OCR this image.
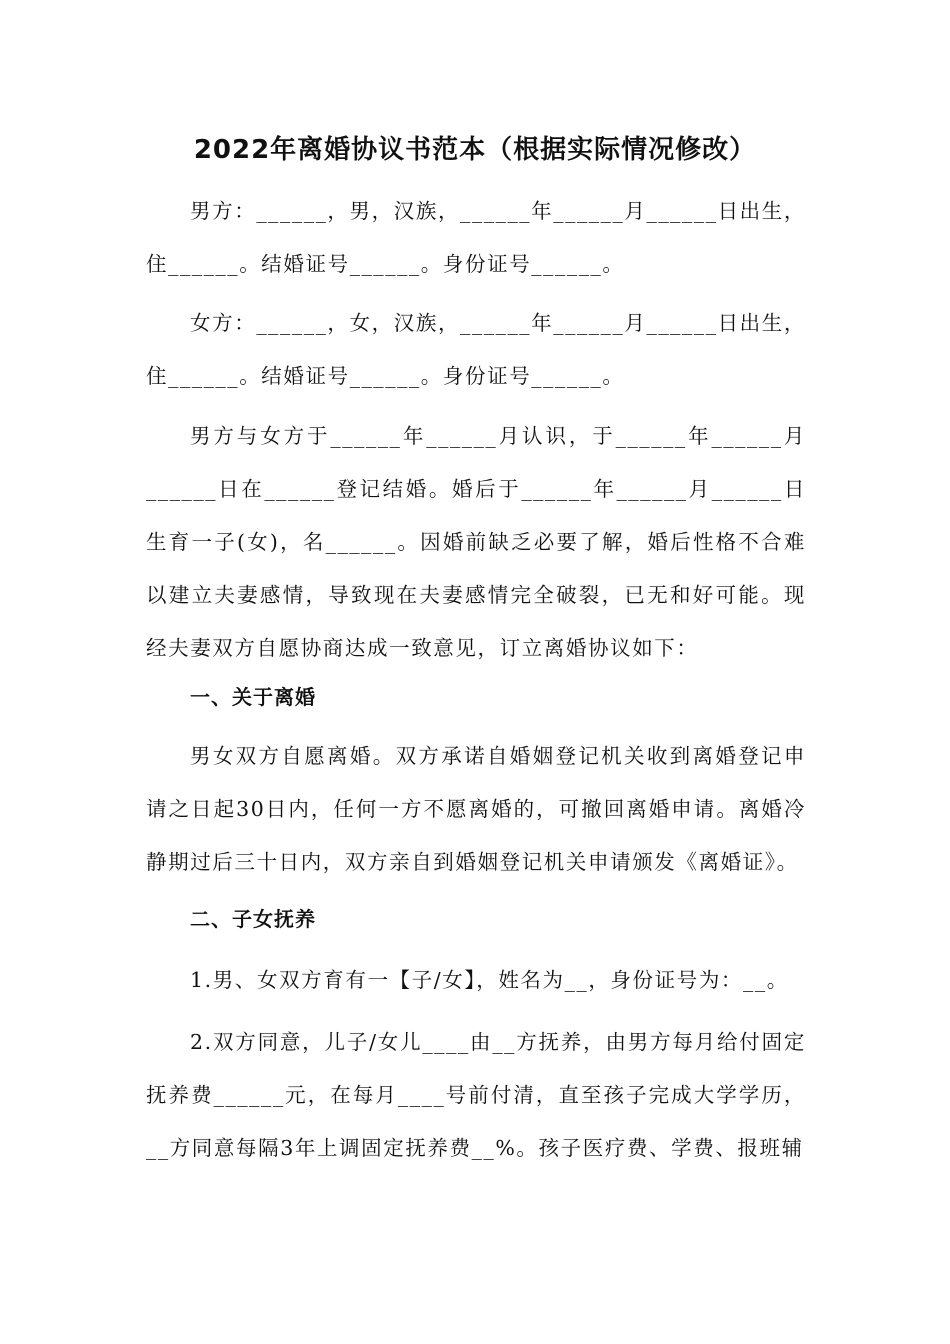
2022年离婚协议书范本（根据实际情况修改）

男方：______，男，汉族，______年______月______日出生，住______。结婚证号______。身份证号______。

女方：______，女，汉族，______年______月______日出生，住______。结婚证号______。身份证号______。

男方与女方于______年______月认识，于______年______月______日在______登记结婚。婚后于______年______月______日生育一子(女)，名______。因婚前缺乏必要了解，婚后性格不合难以建立夫妻感情，导致现在夫妻感情完全破裂，已无和好可能。现经夫妻双方自愿协商达成一致意见，订立离婚协议如下：

一、关于离婚

男女双方自愿离婚。双方承诺自婚姻登记机关收到离婚登记申请之日起30日内，任何一方不愿离婚的，可撤回离婚申请。离婚冷静期过后三十日内，双方亲自到婚姻登记机关申请颁发《离婚证》。

二、子女抚养

1.男、女双方育有一【子/女】，姓名为__，身份证号为：__。

2.双方同意，儿子/女儿____由__方抚养，由男方每月给付固定抚养费______元，在每月____号前付清，直至孩子完成大学学历，__方同意每隔3年上调固定抚养费__%。孩子医疗费、学费、报班辅
